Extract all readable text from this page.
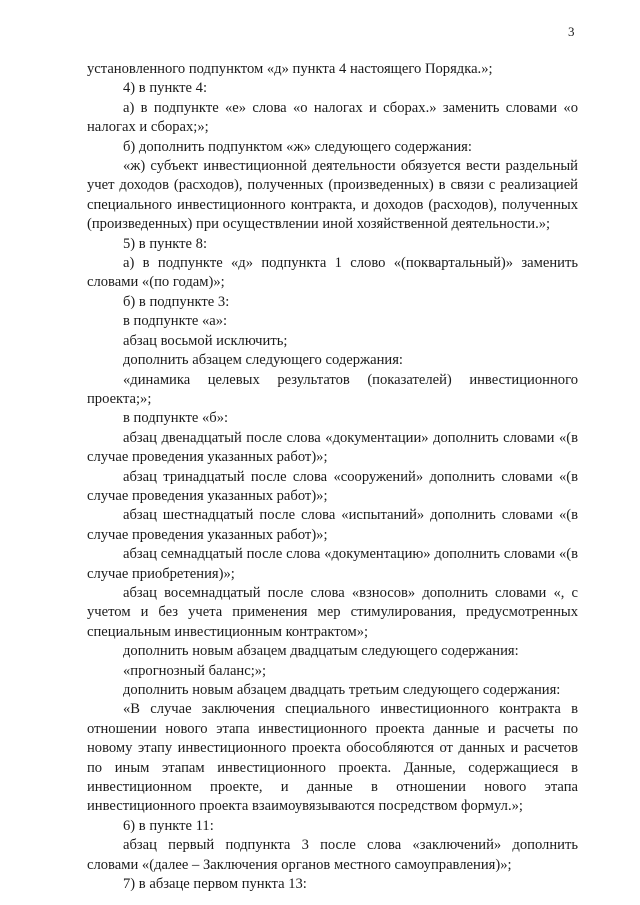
3

установленного подпунктом «д» пункта 4 настоящего Порядка.»;

4) в пункте 4:

а) в подпункте «е» слова «о налогах и сборах.» заменить словами «о налогах и сборах;»;

б) дополнить подпунктом «ж» следующего содержания:

«ж) субъект инвестиционной деятельности обязуется вести раздельный учет доходов (расходов), полученных (произведенных) в связи с реализацией специального инвестиционного контракта, и доходов (расходов), полученных (произведенных) при осуществлении иной хозяйственной деятельности.»;

5) в пункте 8:

а) в подпункте «д» подпункта 1 слово «(поквартальный)» заменить словами «(по годам)»;

б) в подпункте 3:

в подпункте «а»:

абзац восьмой исключить;

дополнить абзацем следующего содержания:

«динамика целевых результатов (показателей) инвестиционного проекта;»;

в подпункте «б»:

абзац двенадцатый после слова «документации» дополнить словами «(в случае проведения указанных работ)»;

абзац тринадцатый после слова «сооружений» дополнить словами «(в случае проведения указанных работ)»;

абзац шестнадцатый после слова «испытаний» дополнить словами «(в случае проведения указанных работ)»;

абзац семнадцатый после слова «документацию» дополнить словами «(в случае приобретения)»;

абзац восемнадцатый после слова «взносов» дополнить словами «, с учетом и без учета применения мер стимулирования, предусмотренных специальным инвестиционным контрактом»;

дополнить новым абзацем двадцатым следующего содержания:

«прогнозный баланс;»;

дополнить новым абзацем двадцать третьим следующего содержания:

«В случае заключения специального инвестиционного контракта в отношении нового этапа инвестиционного проекта данные и расчеты по новому этапу инвестиционного проекта обособляются от данных и расчетов по иным этапам инвестиционного проекта. Данные, содержащиеся в инвестиционном проекте, и данные в отношении нового этапа инвестиционного проекта взаимоувязываются посредством формул.»;

6) в пункте 11:

абзац первый подпункта 3 после слова «заключений» дополнить словами «(далее – Заключения органов местного самоуправления)»;

7) в абзаце первом пункта 13:
